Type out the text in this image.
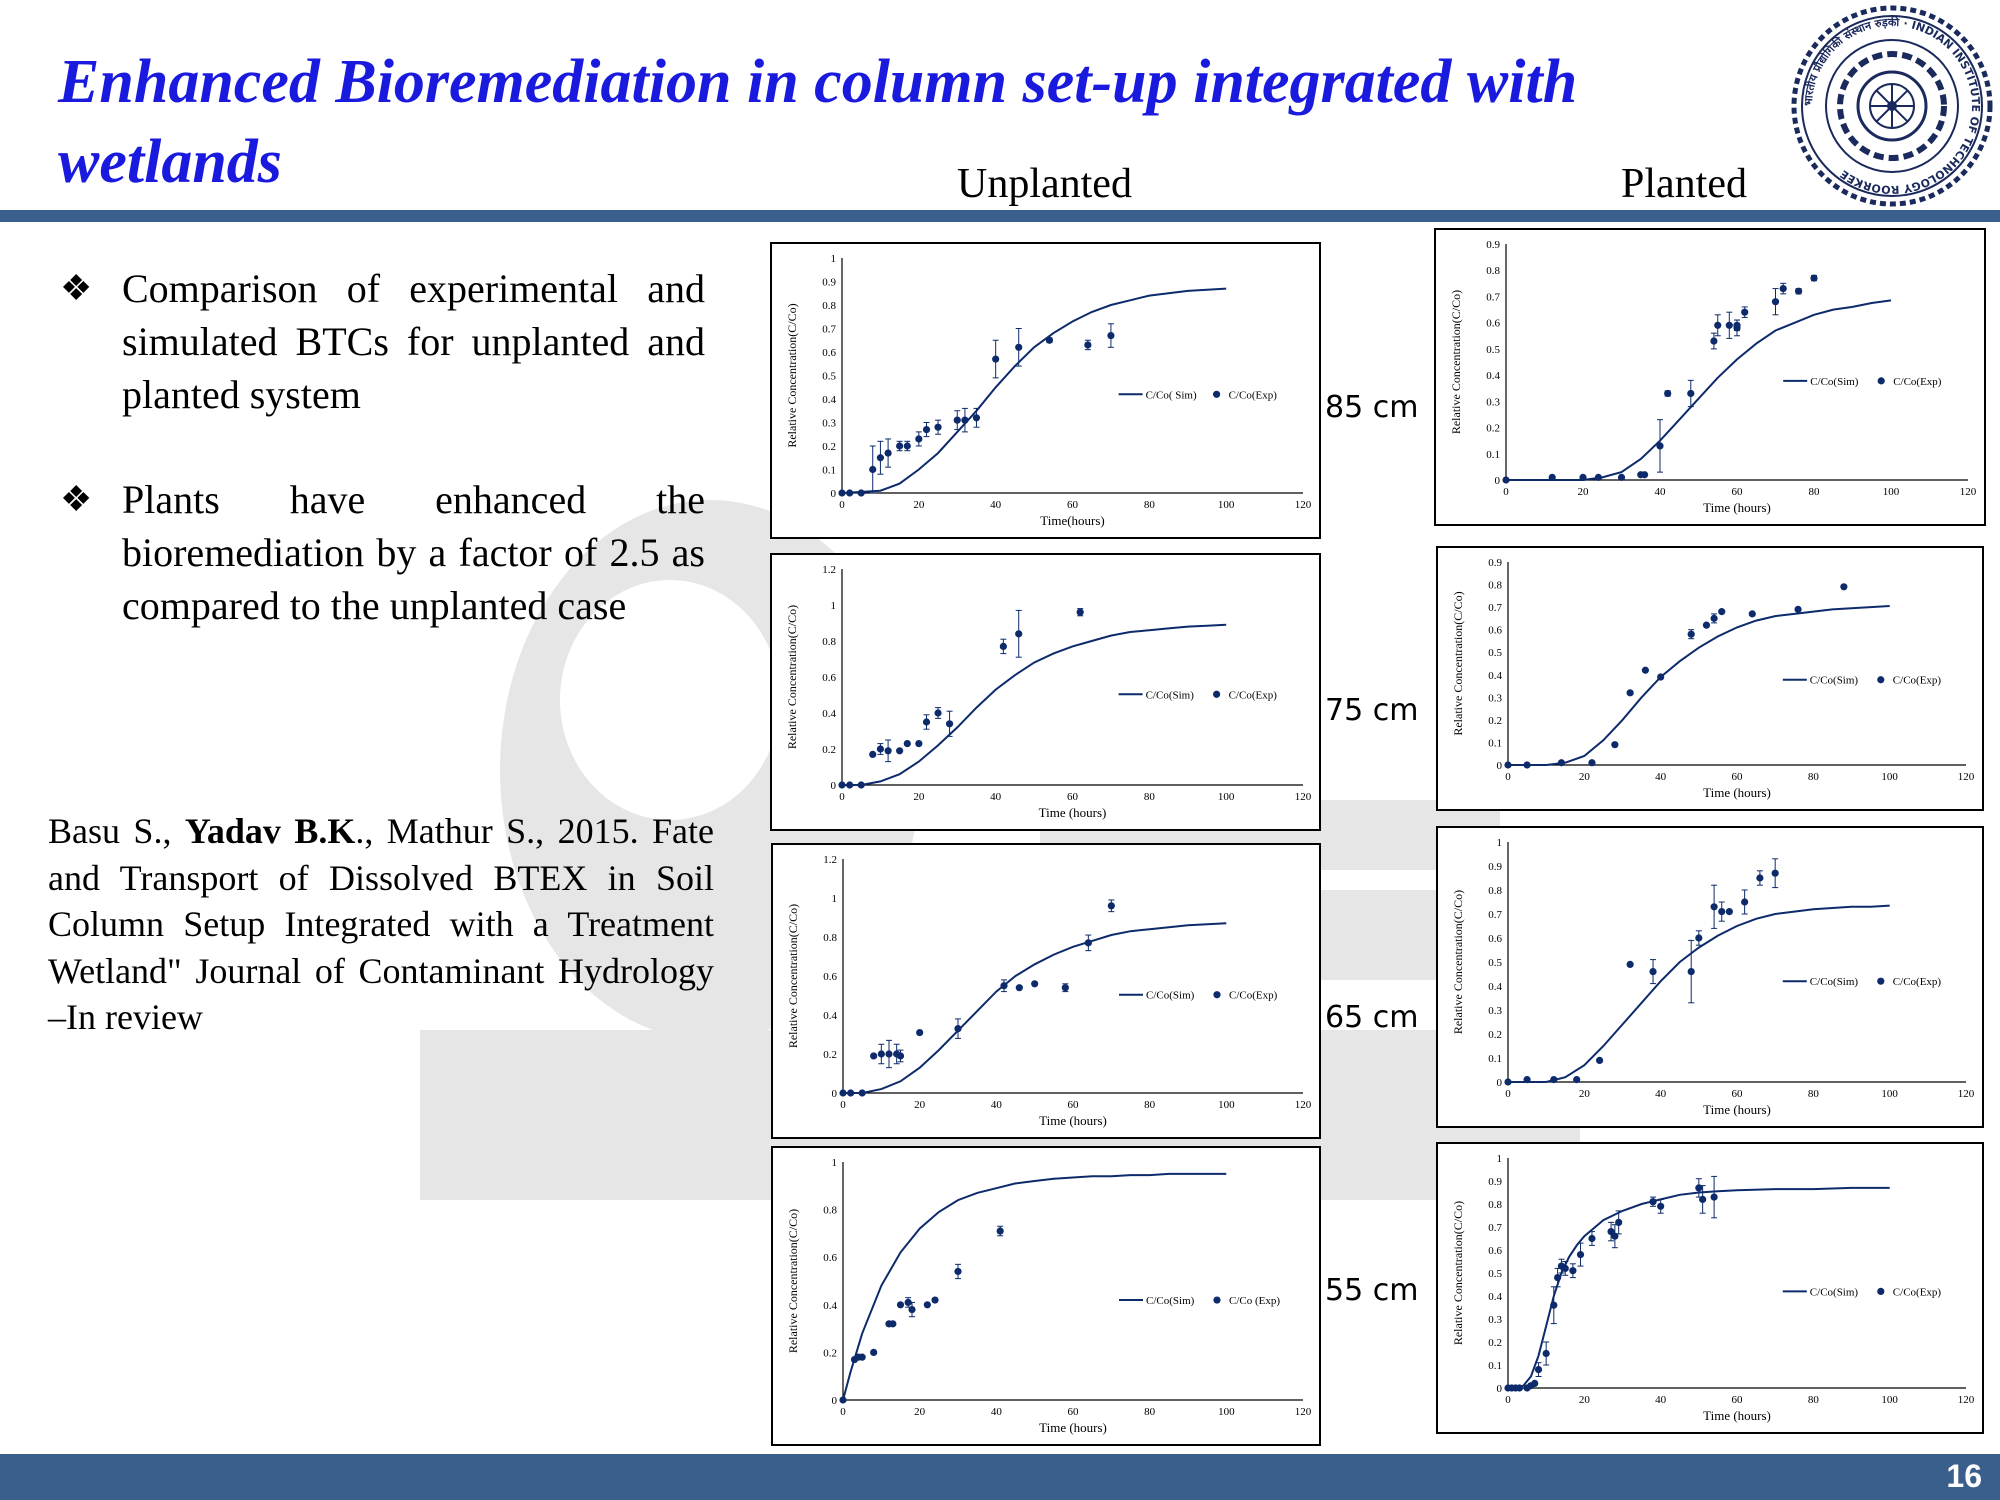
Enhanced Bioremediation in column set-up integrated with wetlands
भारतीय प्रौद्योगिकी संस्थान रुड़की · INDIAN INSTITUTE OF TECHNOLOGY ROORKEE
Unplanted	Planted
❖ Comparison of experimental and simulated BTCs for unplanted and planted system
❖ Plants have enhanced the bioremediation by a factor of 2.5 as compared to the unplanted case

Basu S., Yadav B.K., Mathur S., 2015. Fate and Transport of Dissolved BTEX in Soil Column Setup Integrated with a Treatment Wetland" Journal of Contaminant Hydrology –In review

85 cm
75 cm
65 cm
55 cm
0	20	40	60	80	100	120
0
0.1
0.2
0.3
0.4
0.5
0.6
0.7
0.8
0.9
1
Time(hours)
Relative Concentration(C/Co)	C/Co( Sim)	C/Co(Exp)
0	20	40	60	80	100	120
0
0.1
0.2
0.3
0.4
0.5
0.6
0.7
0.8
0.9
Time (hours)
Relative Concentration(C/Co)	C/Co(Sim)	C/Co(Exp)
0	20	40	60	80	100	120
0
0.2
0.4
0.6
0.8
1
1.2
Time (hours)
Relative Concentration(C/Co)	C/Co(Sim)	C/Co(Exp)
0	20	40	60	80	100	120
0
0.1
0.2
0.3
0.4
0.5
0.6
0.7
0.8
0.9
Time (hours)
Relative Concentration(C/Co)	C/Co(Sim)	C/Co(Exp)
0	20	40	60	80	100	120
0
0.2
0.4
0.6
0.8
1
1.2
Time (hours)
Relative Concentration(C/Co)	C/Co(Sim)	C/Co(Exp)
0	20	40	60	80	100	120
0
0.1
0.2
0.3
0.4
0.5
0.6
0.7
0.8
0.9
1
Time (hours)
Relative Concentration(C/Co)	C/Co(Sim)	C/Co(Exp)
0	20	40	60	80	100	120
0
0.2
0.4
0.6
0.8
1
Time (hours)
Relative Concentration(C/Co)	C/Co(Sim)	C/Co (Exp)
0	20	40	60	80	100	120
0
0.1
0.2
0.3
0.4
0.5
0.6
0.7
0.8
0.9
1
Time (hours)
Relative Concentration(C/Co)	C/Co(Sim)	C/Co(Exp)
16
